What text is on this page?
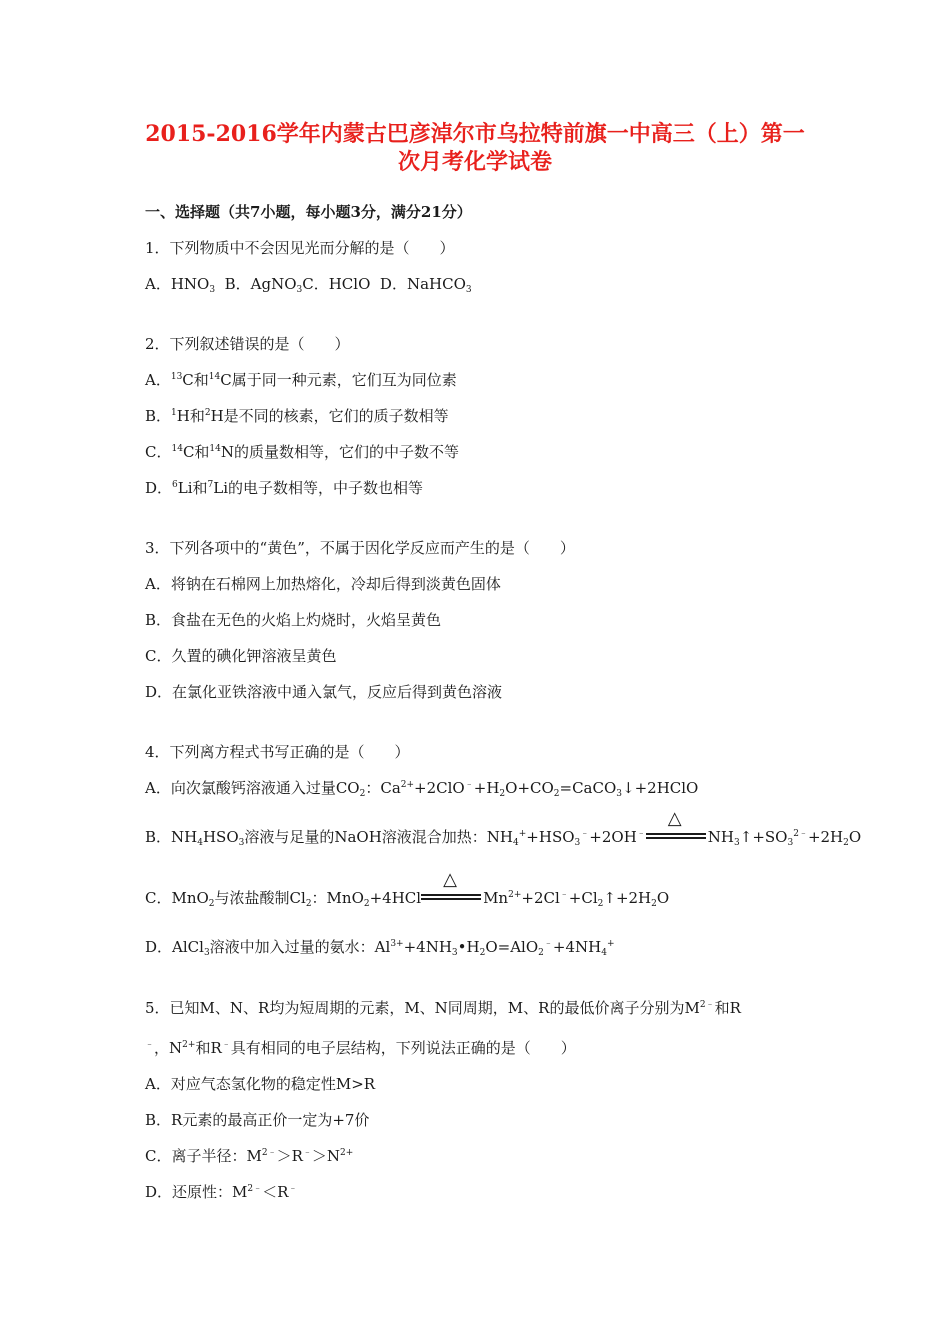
2015-2016学年内蒙古巴彦淖尔市乌拉特前旗一中高三（上）第一
次月考化学试卷
一、选择题（共7小题，每小题3分，满分21分）
1．下列物质中不会因见光而分解的是（　　）
A．$HNO_3$  B．AgNO$_3$C．HClO  D．NaHCO$_3$
2．下列叙述错误的是（　　）
A．$^{13}$C和$^{14}$C属于同一种元素，它们互为同位素
B．$^1$H和$^2$H是不同的核素，它们的质子数相等
C．$^{14}$C和$^{14}$N的质量数相等，它们的中子数不等
D．$^6$Li和$^7$Li的电子数相等，中子数也相等
3．下列各项中的“黄色”，不属于因化学反应而产生的是（　　）
A．将钠在石棉网上加热熔化，冷却后得到淡黄色固体
B．食盐在无色的火焰上灼烧时，火焰呈黄色
C．久置的碘化钾溶液呈黄色
D．在氯化亚铁溶液中通入氯气，反应后得到黄色溶液
4．下列离方程式书写正确的是（　　）
A．向次氯酸钙溶液通入过量$CO_2$：$Ca^{2+}+2ClO^﹣+H_2O+CO_2=CaCO_3↓+2HClO$
B．$NH_4HSO_3$溶液与足量的NaOH溶液混合加热：$NH_4^++HSO_3^﹣+2OH^﹣$
△
$NH_3↑+SO_3^{2﹣}+2H_2O$
C．MnO$_2$与浓盐酸制$Cl_2$：MnO$_2$+4HCl
△
$Mn^{2+}+2Cl^﹣+Cl_2↑+2H_2O$
D．AlCl$_3$溶液中加入过量的氨水：$Al^{3+}+4NH_3•H_2O=AlO_2^﹣+4NH_4^+$
5．已知M、N、R均为短周期的元素，M、N同周期，M、R的最低价离子分别为$M^{2﹣}$和R
﹣，$N^{2+}$和R﹣具有相同的电子层结构，下列说法正确的是（　　）
A．对应气态氢化物的稳定性M>R
B．R元素的最高正价一定为+7价
C．离子半径：$M^{2﹣}>R^﹣>N^{2+}$
D．还原性：$M^{2﹣}<R^﹣$
